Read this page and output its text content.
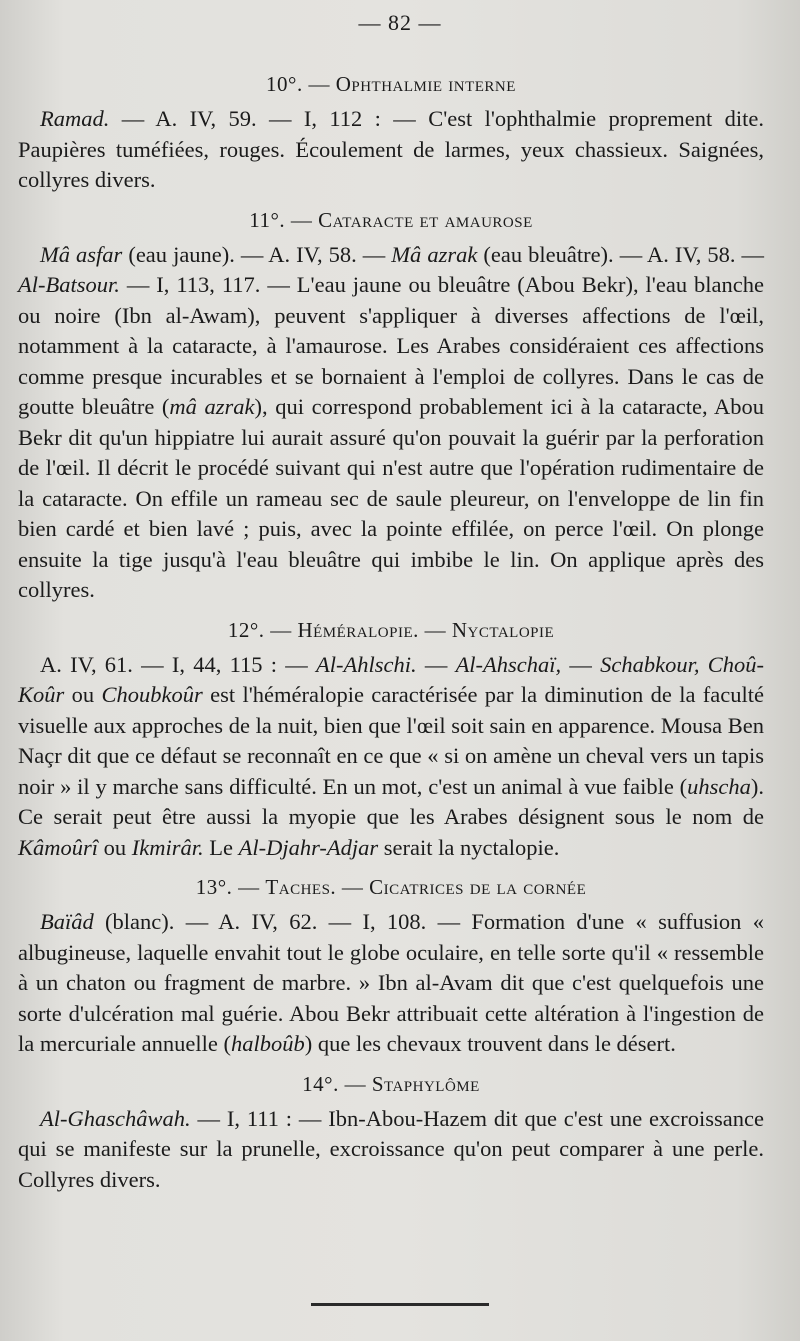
— 82 —
10°. — Ophthalmie interne

Ramad. — A. IV, 59. — I, 112 : — C'est l'ophthalmie proprement dite. Paupières tuméfiées, rouges. Écoulement de larmes, yeux chassieux. Saignées, collyres divers.

11°. — Cataracte et amaurose

Mâ asfar (eau jaune). — A. IV, 58. — Mâ azrak (eau bleuâtre). — A. IV, 58. — Al-Batsour. — I, 113, 117. — L'eau jaune ou bleuâtre (Abou Bekr), l'eau blanche ou noire (Ibn al-Awam), peuvent s'appliquer à diverses affections de l'œil, notamment à la cataracte, à l'amaurose. Les Arabes considéraient ces affections comme presque incurables et se bornaient à l'emploi de collyres. Dans le cas de goutte bleuâtre (mâ azrak), qui correspond probablement ici à la cataracte, Abou Bekr dit qu'un hippiatre lui aurait assuré qu'on pouvait la guérir par la perforation de l'œil. Il décrit le procédé suivant qui n'est autre que l'opération rudimentaire de la cataracte. On effile un rameau sec de saule pleureur, on l'enveloppe de lin fin bien cardé et bien lavé ; puis, avec la pointe effilée, on perce l'œil. On plonge ensuite la tige jusqu'à l'eau bleuâtre qui imbibe le lin. On applique après des collyres.

12°. — Héméralopie. — Nyctalopie

A. IV, 61. — I, 44, 115 : — Al-Ahlschi. — Al-Ahschaï, — Schabkour, Choû-Koûr ou Choubkoûr est l'héméralopie caractérisée par la diminution de la faculté visuelle aux approches de la nuit, bien que l'œil soit sain en apparence. Mousa Ben Naçr dit que ce défaut se reconnaît en ce que « si on amène un cheval vers un tapis noir » il y marche sans difficulté. En un mot, c'est un animal à vue faible (uhscha). Ce serait peut être aussi la myopie que les Arabes désignent sous le nom de Kâmoûrî ou Ikmirâr. Le Al-Djahr-Adjar serait la nyctalopie.

13°. — Taches. — Cicatrices de la cornée

Baïâd (blanc). — A. IV, 62. — I, 108. — Formation d'une « suffusion « albugineuse, laquelle envahit tout le globe oculaire, en telle sorte qu'il « ressemble à un chaton ou fragment de marbre. » Ibn al-Avam dit que c'est quelquefois une sorte d'ulcération mal guérie. Abou Bekr attribuait cette altération à l'ingestion de la mercuriale annuelle (halboûb) que les chevaux trouvent dans le désert.

14°. — Staphylôme

Al-Ghaschâwah. — I, 111 : — Ibn-Abou-Hazem dit que c'est une excroissance qui se manifeste sur la prunelle, excroissance qu'on peut comparer à une perle. Collyres divers.
